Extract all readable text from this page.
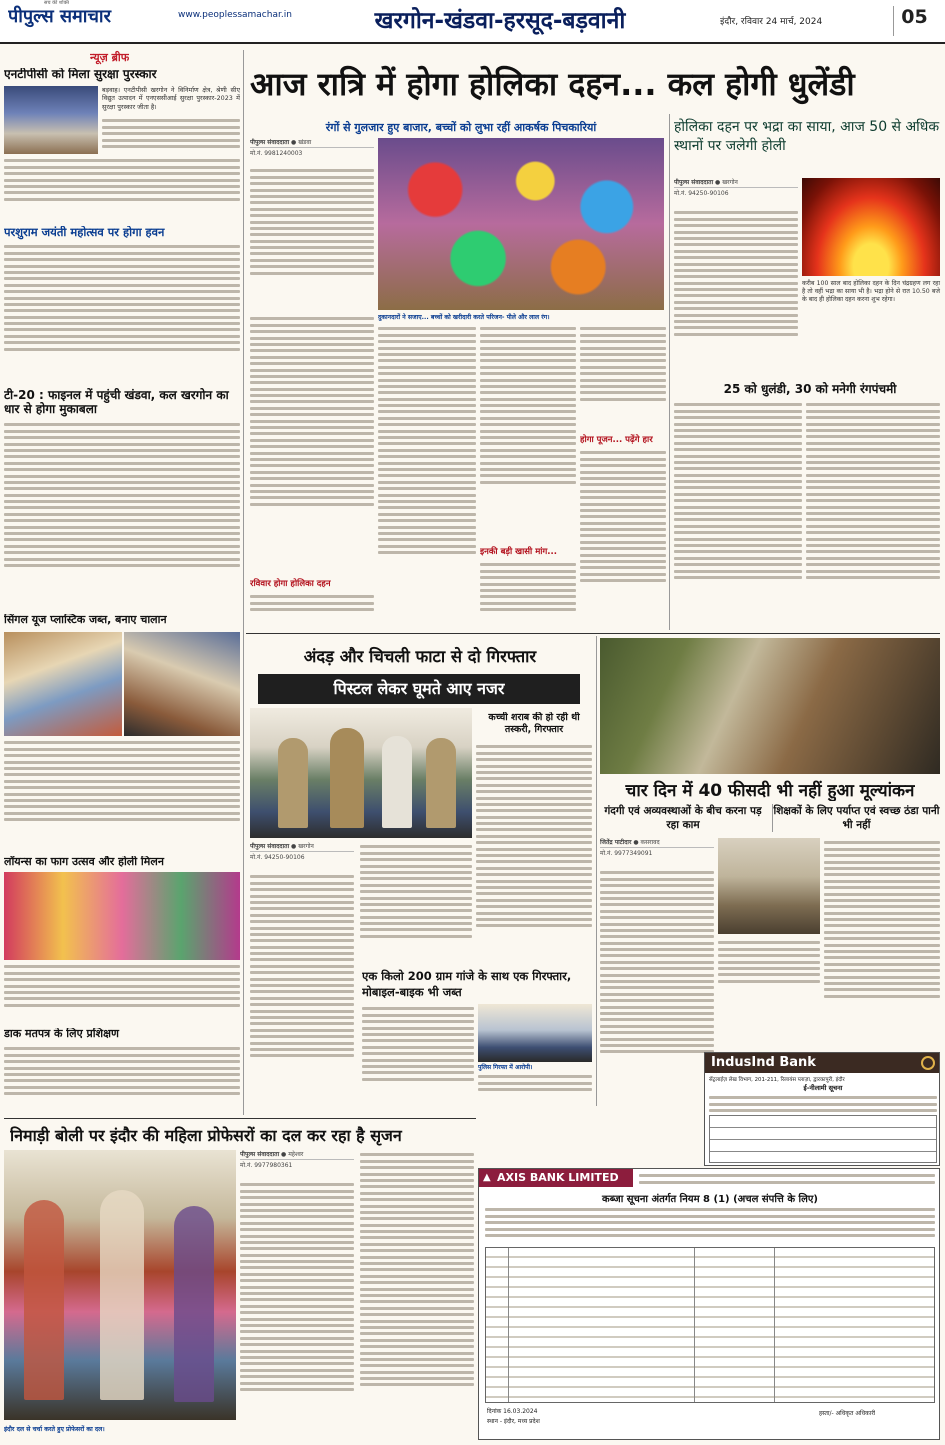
पीपुल्स समाचार
सच की शक्ति
www.peoplessamachar.in	खरगोन-खंडवा-हरसूद-बड़वानी	इंदौर, रविवार 24 मार्च, 2024	05
न्यूज़ ब्रीफ
एनटीपीसी को मिला सुरक्षा पुरस्कार
बड़वाह। एनटीपीसी खरगोन ने विनिर्माण क्षेत्र, श्रेणी सीए विद्युत उत्पादन में एनएससीआई सुरक्षा पुरस्कार-2023 में सुरक्षा पुरस्कार जीता है।
परशुराम जयंती महोत्सव पर होगा हवन
टी-20 : फाइनल में पहुंची खंडवा, कल खरगोन का धार से होगा मुकाबला
सिंगल यूज प्लास्टिक जब्त, बनाए चालान
लॉयन्स का फाग उत्सव और होली मिलन
डाक मतपत्र के लिए प्रशिक्षण
आज रात्रि में होगा होलिका दहन... कल होगी धुलेंडी
रंगों से गुलजार हुए बाजार, बच्चों को लुभा रहीं आकर्षक पिचकारियां
पीपुल्स संवाददाता ● खंडवा
मो.नं. 9981240003
दुकानदारों ने सजाए... बच्चों को खरीदारी करते परिजन- पीले और लाल रंग।
रविवार होगा होलिका दहन
इनकी बड़ी खासी मांग...
होगा पूजन... पढ़ेंगे हार
होलिका दहन पर भद्रा का साया, आज 50 से अधिक स्थानों पर जलेगी होली
पीपुल्स संवाददाता ● खरगोन
मो.नं. 94250-90106
करीब 100 साल बाद होलिका दहन के दिन चंद्रग्रहण लग रहा है तो वहीं भद्रा का साया भी है। भद्रा होने से रात 10.50 बजे के बाद ही होलिका दहन करना शुभ रहेगा।
25 को धुलंडी, 30 को मनेगी रंगपंचमी
अंदड़ और चिचली फाटा से दो गिरफ्तार
पिस्टल लेकर घूमते आए नजर
कच्ची शराब की हो रही थी तस्करी, गिरफ्तार
पीपुल्स संवाददाता ● खरगोन
मो.नं. 94250-90106
एक किलो 200 ग्राम गांजे के साथ एक गिरफ्तार, मोबाइल-बाइक भी जब्त
पुलिस गिरफ्त में आरोपी।
चार दिन में 40 फीसदी भी नहीं हुआ मूल्यांकन
गंदगी एवं अव्यवस्थाओं के बीच करना पड़ रहा काम
शिक्षकों के लिए पर्याप्त एवं स्वच्छ ठंडा पानी भी नहीं
जितेंद्र पाटीदार ● कसरावद
मो.नं. 9977349091
IndusInd Bank
सेंट्रलाईज़ लेख विभाग, 201-211, रिलायंस प्लाज़ा, द्वारकापुरी, इंदौर
ई-नीलामी सूचना
निमाड़ी बोली पर इंदौर की महिला प्रोफेसरों का दल कर रहा है सृजन
इंदौर दल से चर्चा करते हुए प्रोफेसरों का दल।
पीपुल्स संवाददाता ● महेश्वर
मो.नं. 9977980361
▲ AXIS BANK LIMITED
कब्जा सूचना अंतर्गत नियम 8 (1) (अचल संपत्ति के लिए)
दिनांक 16.03.2024
स्थान - इंदौर, मध्य प्रदेश
हस्ता/- अधिकृत अधिकारी
